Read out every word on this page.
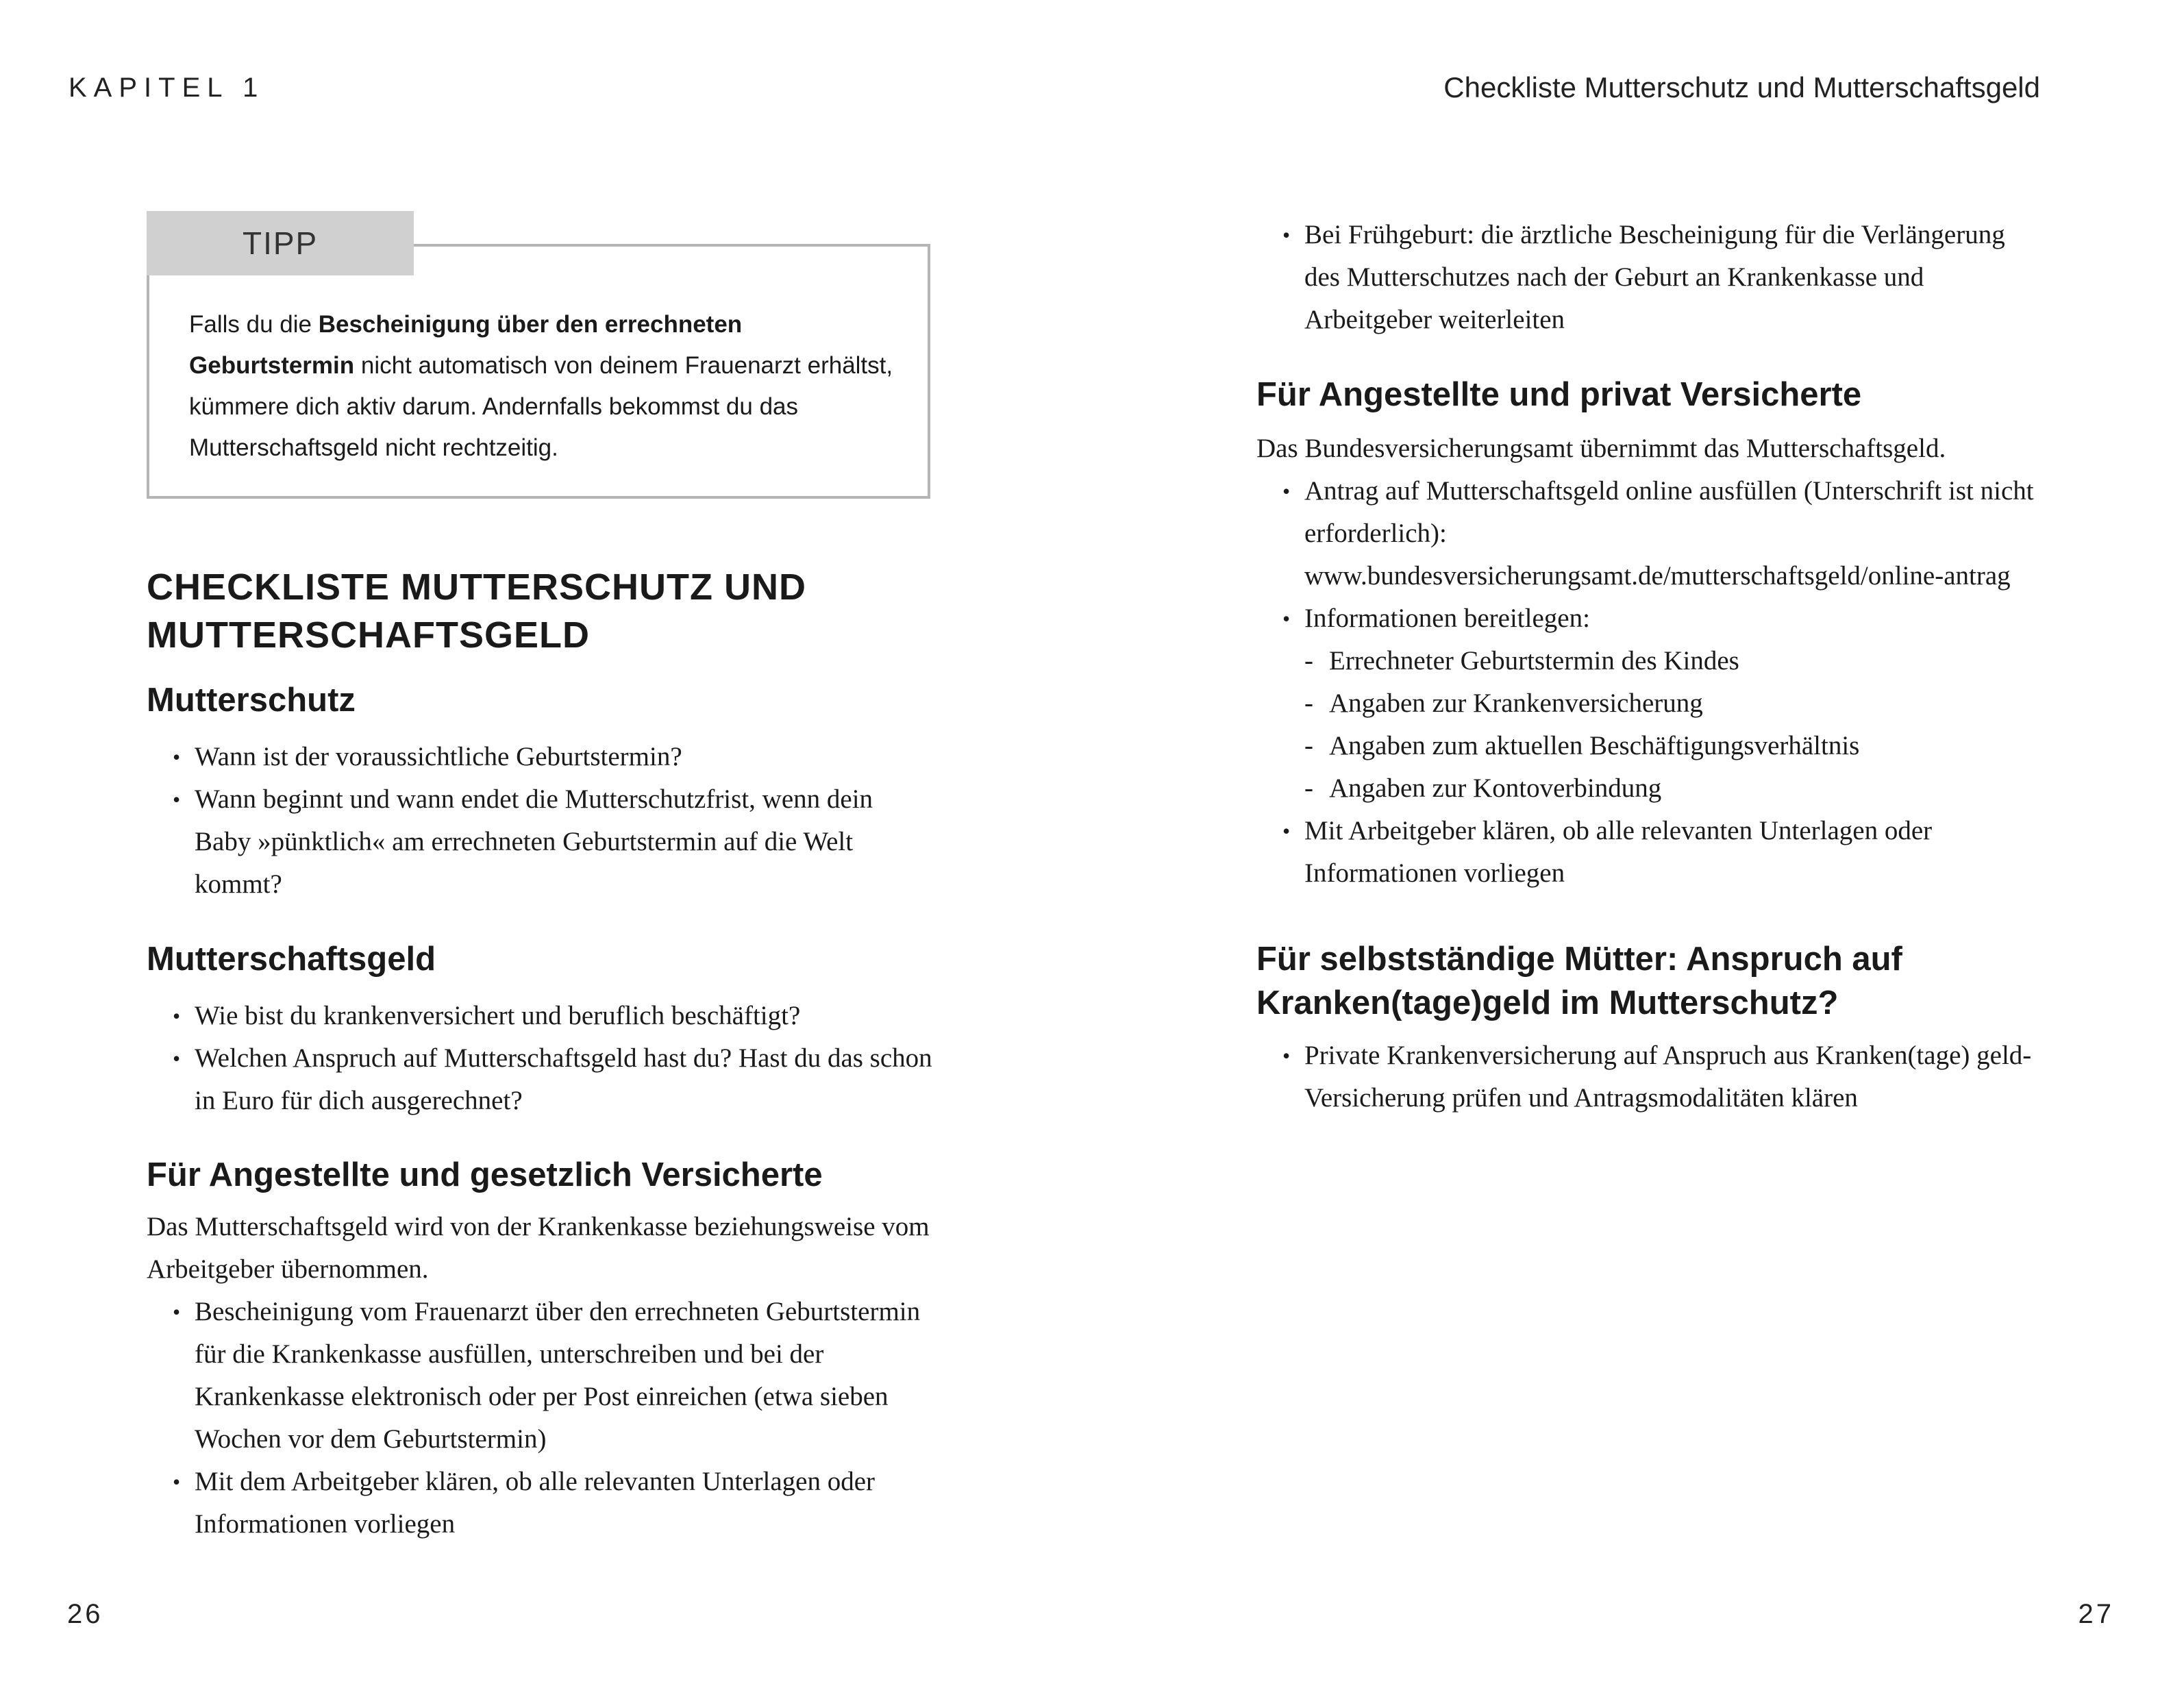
KAPITEL 1	Checkliste Mutterschutz und Mutterschaftsgeld
TIPP
Falls du die Bescheinigung über den errechneten Geburtstermin nicht automatisch von deinem Frauenarzt erhältst, kümmere dich aktiv darum. Andernfalls bekommst du das Mutterschaftsgeld nicht rechtzeitig.
CHECKLISTE MUTTERSCHUTZ UND
MUTTERSCHAFTSGELD
Mutterschutz
• Wann ist der voraussichtliche Geburtstermin?
• Wann beginnt und wann endet die Mutterschutzfrist, wenn dein Baby »pünktlich« am errechneten Geburtstermin auf die Welt kommt?
Mutterschaftsgeld
• Wie bist du krankenversichert und beruflich beschäftigt?
• Welchen Anspruch auf Mutterschaftsgeld hast du? Hast du das schon in Euro für dich ausgerechnet?
Für Angestellte und gesetzlich Versicherte
Das Mutterschaftsgeld wird von der Krankenkasse beziehungsweise vom Arbeitgeber übernommen.
• Bescheinigung vom Frauenarzt über den errechneten Geburtstermin für die Krankenkasse ausfüllen, unterschreiben und bei der Krankenkasse elektronisch oder per Post einreichen (etwa sieben Wochen vor dem Geburtstermin)
• Mit dem Arbeitgeber klären, ob alle relevanten Unterlagen oder Informationen vorliegen
• Bei Frühgeburt: die ärztliche Bescheinigung für die Verlängerung des Mutterschutzes nach der Geburt an Krankenkasse und Arbeitgeber weiterleiten
Für Angestellte und privat Versicherte
Das Bundesversicherungsamt übernimmt das Mutterschaftsgeld.
• Antrag auf Mutterschaftsgeld online ausfüllen (Unterschrift ist nicht erforderlich): www.bundesversicherungsamt.de/mutterschaftsgeld/online-antrag
• Informationen bereitlegen:
- Errechneter Geburtstermin des Kindes
- Angaben zur Krankenversicherung
- Angaben zum aktuellen Beschäftigungsverhältnis
- Angaben zur Kontoverbindung
• Mit Arbeitgeber klären, ob alle relevanten Unterlagen oder Informationen vorliegen
Für selbstständige Mütter: Anspruch auf
Kranken(tage)geld im Mutterschutz?
• Private Krankenversicherung auf Anspruch aus Kranken(tage) geld-Versicherung prüfen und Antragsmodalitäten klären
26	27
